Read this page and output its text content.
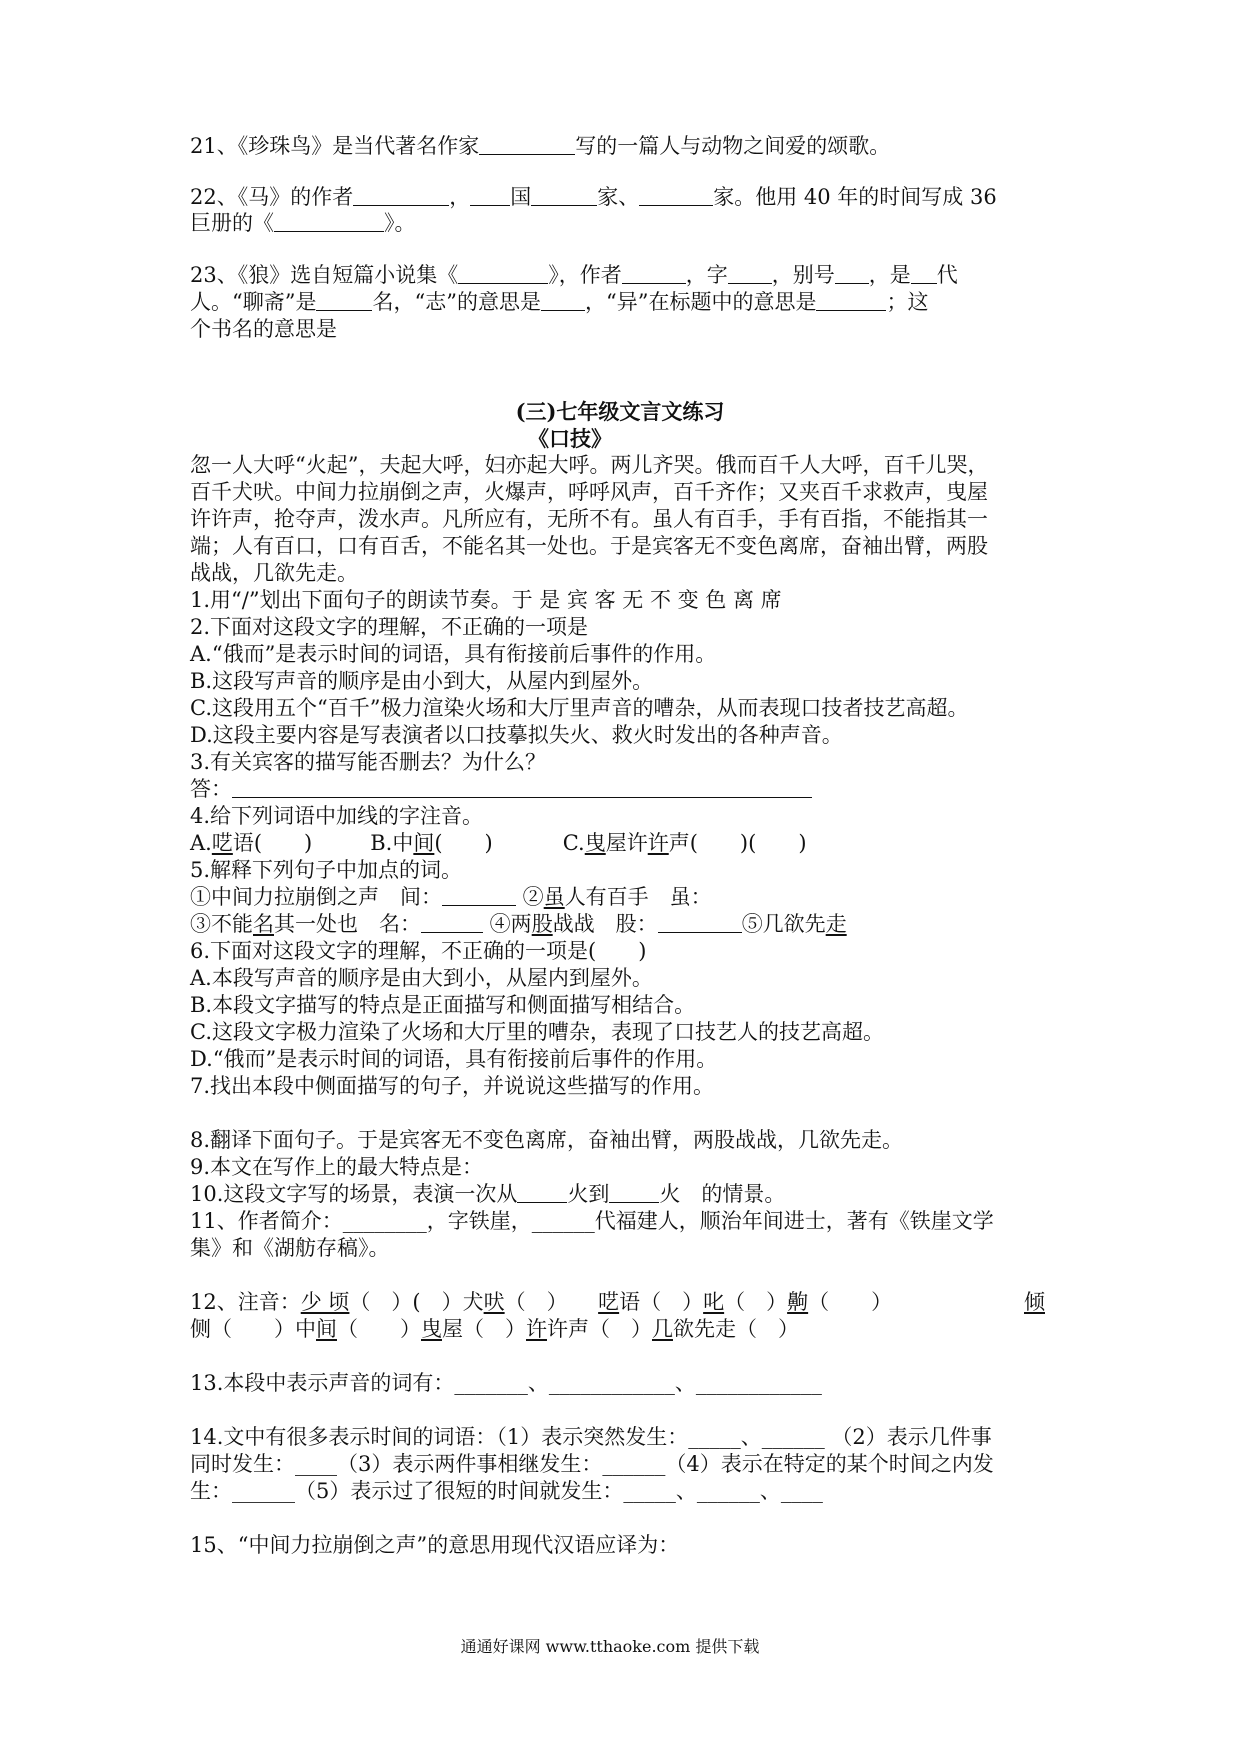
21、《珍珠鸟》是当代著名作家	写的一篇人与动物之间爱的颂歌。
22、《马》的作者	， 国	家、	家。他用 40 年的时间写成 36
巨册的《	》。
23、《狼》选自短篇小说集《	》，作者	，字 ，别号 ，是 代
人。“聊斋”是	名，“志”的意思是 ，“异”在标题中的意思是	；这
个书名的意思是
(三)七年级文言文练习
《口技》
忽一人大呼“火起”，夫起大呼，妇亦起大呼。两儿齐哭。俄而百千人大呼，百千儿哭，
百千犬吠。中间力拉崩倒之声，火爆声，呼呼风声，百千齐作；又夹百千求救声，曳屋
许许声，抢夺声，泼水声。凡所应有，无所不有。虽人有百手，手有百指，不能指其一
端；人有百口，口有百舌，不能名其一处也。于是宾客无不变色离席，奋袖出臂，两股
战战，几欲先走。
1.用“/”划出下面句子的朗读节奏。于 是 宾 客 无 不 变 色 离 席
2.下面对这段文字的理解，不正确的一项是
A.“俄而”是表示时间的词语，具有衔接前后事件的作用。
B.这段写声音的顺序是由小到大，从屋内到屋外。
C.这段用五个“百千”极力渲染火场和大厅里声音的嘈杂，从而表现口技者技艺高超。
D.这段主要内容是写表演者以口技摹拟失火、救火时发出的各种声音。
3.有关宾客的描写能否删去？为什么？
答：
4.给下列词语中加线的字注音。
A.呓语(　　)	B.中间(　　)	C.曳屋许许声(　　)(　　)
5.解释下列句子中加点的词。
①中间力拉崩倒之声　间：	②虽人有百手　虽：
③不能名其一处也　名：	④两股战战　股：	⑤几欲先走
6.下面对这段文字的理解，不正确的一项是(　　)
A.本段写声音的顺序是由大到小，从屋内到屋外。
B.本段文字描写的特点是正面描写和侧面描写相结合。
C.这段文字极力渲染了火场和大厅里的嘈杂，表现了口技艺人的技艺高超。
D.“俄而”是表示时间的词语，具有衔接前后事件的作用。
7.找出本段中侧面描写的句子，并说说这些描写的作用。
8.翻译下面句子。于是宾客无不变色离席，奋袖出臂，两股战战，几欲先走。
9.本文在写作上的最大特点是：
10.这段文字写的场景，表演一次从 火到 火　的情景。
11、作者简介：________，字铁崖，______代福建人，顺治年间进士，著有《铁崖文学
集》和《湖舫存稿》。
12、注音：少 顷（　）(　）犬吠（　）　呓语（　）叱（　）齁（　　）	倾
侧（　　）中间（　　）曳屋（　）许许声（　）几欲先走（　）
13.本段中表示声音的词有：_______、____________、____________
14.文中有很多表示时间的词语：（1）表示突然发生：_____、______ （2）表示几件事
同时发生：____（3）表示两件事相继发生：______（4）表示在特定的某个时间之内发
生：______（5）表示过了很短的时间就发生：_____、______、____
15、“中间力拉崩倒之声”的意思用现代汉语应译为：
通通好课网 www.tthaoke.com 提供下载
